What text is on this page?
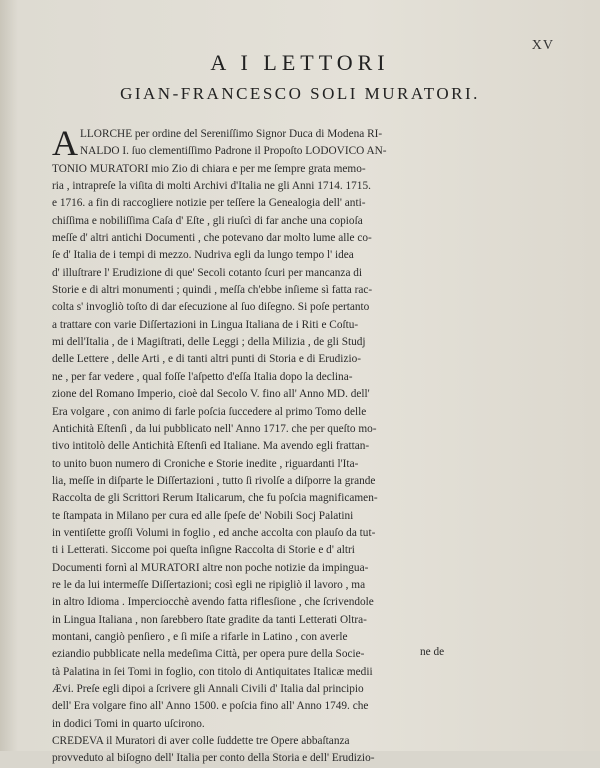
XV
A I LETTORI
GIAN-FRANCESCO SOLI MURATORI.
A LLORCHE per ordine del Sereniſſimo Signor Duca di Modena RI-
NALDO I. ſuo clementiſſimo Padrone il Propoſto LODOVICO AN-
TONIO MURATORI mio Zio di chiara e per me ſempre grata memo-
ria , intrapreſe la viſita di molti Archivi d'Italia ne gli Anni 1714. 1715.
e 1716. a fin di raccogliere notizie per teſſere la Genealogia dell' anti-
chiſſima e nobiliſſima Caſa d' Eſte , gli riuſcì di far anche una copioſa
meſſe d' altri antichi Documenti , che potevano dar molto lume alle co-
ſe d' Italia de i tempi di mezzo. Nudriva egli da lungo tempo l' idea
d' illuſtrare l' Erudizione di que' Secoli cotanto ſcuri per mancanza di
Storie e di altri monumenti ; quindi , meſſa ch'ebbe inſieme sì fatta rac-
colta s' invogliò toſto di dar eſecuzione al ſuo diſegno. Si poſe pertanto
a trattare con varie Diſſertazioni in Lingua Italiana de i Riti e Coſtu-
mi dell'Italia , de i Magiſtrati, delle Leggi ; della Milizia , de gli Studj
delle Lettere , delle Arti , e di tanti altri punti di Storia e di Erudizio-
ne , per far vedere , qual foſſe l'aſpetto d'eſſa Italia dopo la declina-
zione del Romano Imperio, cioè dal Secolo V. fino all' Anno MD. dell'
Era volgare , con animo di farle poſcia ſuccedere al primo Tomo delle
Antichità Eſtenſi , da lui pubblicato nell' Anno 1717. che per queſto mo-
tivo intitolò delle Antichità Eſtenſi ed Italiane. Ma avendo egli frattan-
to unito buon numero di Croniche e Storie inedite , riguardanti l'Ita-
lia, meſſe in diſparte le Diſſertazioni , tutto ſi rivolſe a diſporre la grande
Raccolta de gli Scrittori Rerum Italicarum, che fu poſcia magnificamen-
te ſtampata in Milano per cura ed alle ſpeſe de' Nobili Socj Palatini
in ventiſette groſſi Volumi in foglio , ed anche accolta con plauſo da tut-
ti i Letterati. Siccome poi queſta inſigne Raccolta di Storie e d' altri
Documenti fornì al MURATORI altre non poche notizie da impingua-
re le da lui intermeſſe Diſſertazioni; così egli ne ripigliò il lavoro , ma
in altro Idioma . Imperciocchè avendo fatta riflesſione , che ſcrivendole
in Lingua Italiana , non ſarebbero ſtate gradite da tanti Letterati Oltra-
montani, cangiò penſiero , e ſi miſe a rifarle in Latino , con averle
eziandio pubblicate nella medeſima Città, per opera pure della Socie-
tà Palatina in ſei Tomi in foglio, con titolo di Antiquitates Italicæ medii
Ævi. Preſe egli dipoi a ſcrivere gli Annali Civili d' Italia dal principio
dell' Era volgare fino all' Anno 1500. e poſcia fino all' Anno 1749. che
in dodici Tomi in quarto uſcirono.
CREDEVA il Muratori di aver colle ſuddette tre Opere abbaſtanza
provveduto al biſogno dell' Italia per conto della Storia e dell' Erudizio-
ne de
